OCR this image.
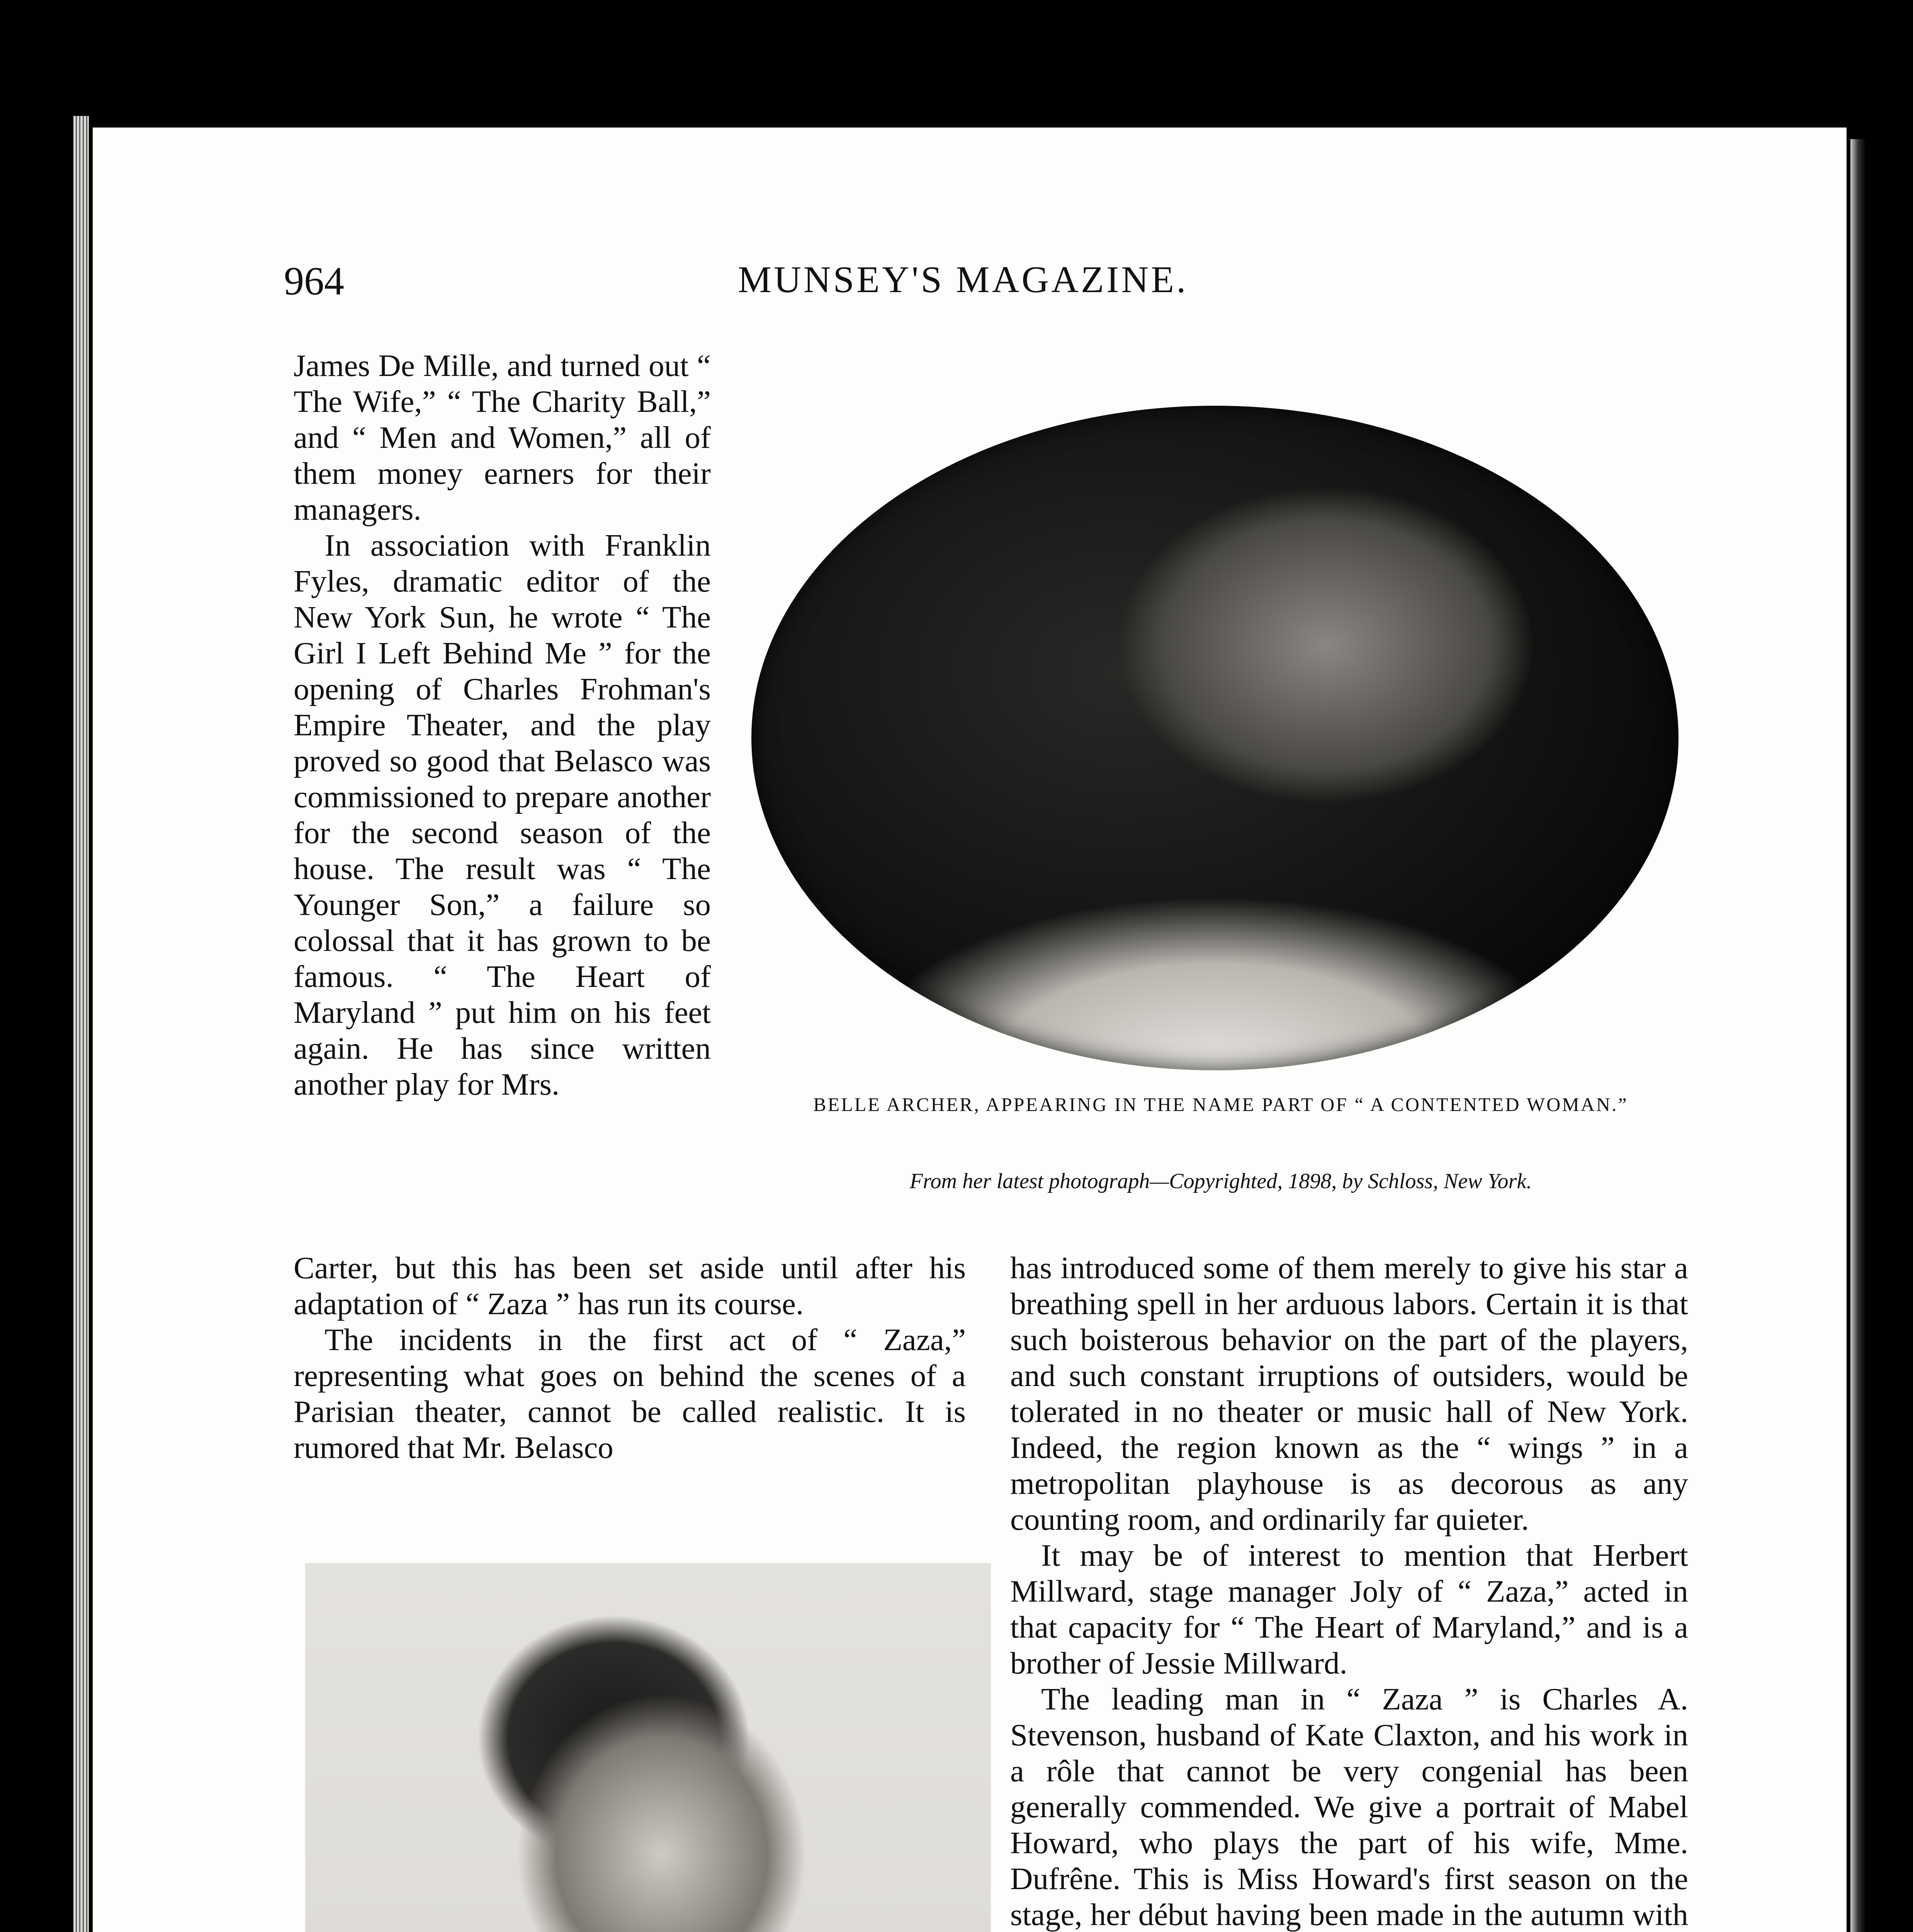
964	MUNSEY'S MAGAZINE.

James De Mille, and turned out “ The Wife,” “ The Charity Ball,” and “ Men and Women,” all of them money earners for their managers.

In association with Franklin Fyles, dramatic editor of the New York Sun, he wrote “ The Girl I Left Behind Me ” for the opening of Charles Frohman's Empire Theater, and the play proved so good that Belasco was commissioned to prepare another for the second season of the house. The result was “ The Younger Son,” a failure so colossal that it has grown to be famous. “ The Heart of Maryland ” put him on his feet again. He has since written another play for Mrs.

BELLE ARCHER, APPEARING IN THE NAME PART OF “ A CONTENTED WOMAN.”
From her latest photograph—Copyrighted, 1898, by Schloss, New York.

Carter, but this has been set aside until after his adaptation of “ Zaza ” has run its course.

The incidents in the first act of “ Zaza,” representing what goes on behind the scenes of a Parisian theater, cannot be called realistic. It is rumored that Mr. Belasco

has introduced some of them merely to give his star a breathing spell in her arduous labors. Certain it is that such boisterous behavior on the part of the players, and such constant irruptions of outsiders, would be tolerated in no theater or music hall of New York. Indeed, the region known as the “ wings ” in a metropolitan playhouse is as decorous as any counting room, and ordinarily far quieter.

It may be of interest to mention that Herbert Millward, stage manager Joly of “ Zaza,” acted in that capacity for “ The Heart of Maryland,” and is a brother of Jessie Millward.

The leading man in “ Zaza ” is Charles A. Stevenson, husband of Kate Claxton, and his work in a rôle that cannot be very congenial has been generally commended. We give a portrait of Mabel Howard, who plays the part of his wife, Mme. Dufrêne. This is Miss Howard's first season on the stage, her début having been made in the autumn with
